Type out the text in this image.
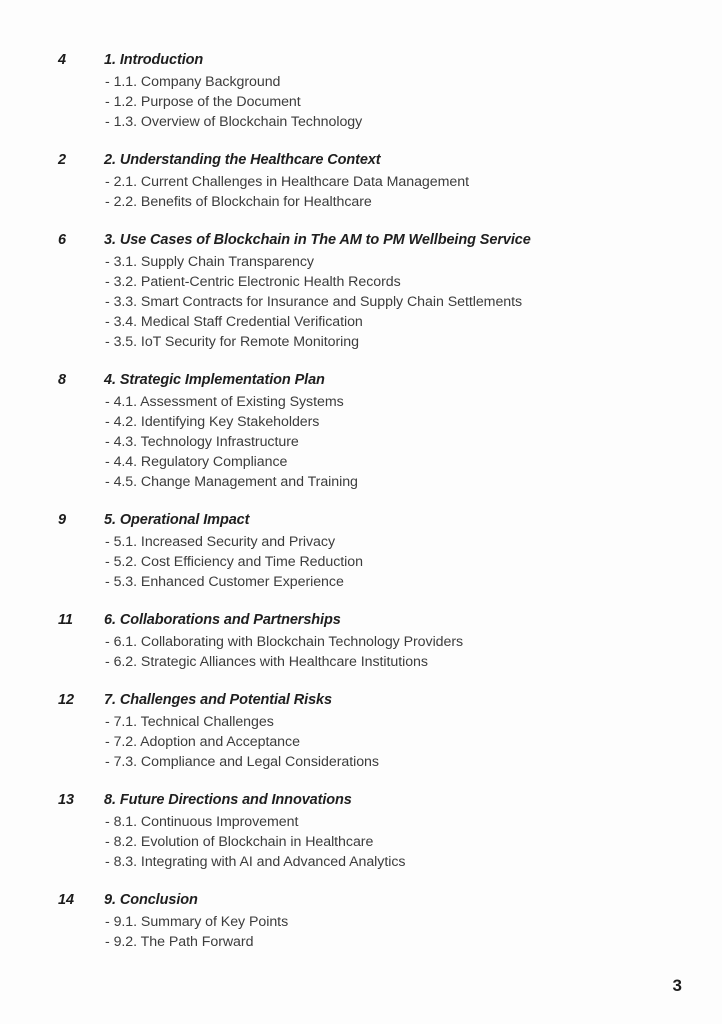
4	1. Introduction
- 1.1. Company Background
- 1.2. Purpose of the Document
- 1.3. Overview of Blockchain Technology
2	2. Understanding the Healthcare Context
- 2.1. Current Challenges in Healthcare Data Management
- 2.2. Benefits of Blockchain for Healthcare
6	3. Use Cases of Blockchain in The AM to PM Wellbeing Service
- 3.1. Supply Chain Transparency
- 3.2. Patient-Centric Electronic Health Records
- 3.3. Smart Contracts for Insurance and Supply Chain Settlements
- 3.4. Medical Staff Credential Verification
- 3.5. IoT Security for Remote Monitoring
8	4. Strategic Implementation Plan
- 4.1. Assessment of Existing Systems
- 4.2. Identifying Key Stakeholders
- 4.3. Technology Infrastructure
- 4.4. Regulatory Compliance
- 4.5. Change Management and Training
9	5. Operational Impact
- 5.1. Increased Security and Privacy
- 5.2. Cost Efficiency and Time Reduction
- 5.3. Enhanced Customer Experience
11	6. Collaborations and Partnerships
- 6.1. Collaborating with Blockchain Technology Providers
- 6.2. Strategic Alliances with Healthcare Institutions
12	7. Challenges and Potential Risks
- 7.1. Technical Challenges
- 7.2. Adoption and Acceptance
- 7.3. Compliance and Legal Considerations
13	8. Future Directions and Innovations
- 8.1. Continuous Improvement
- 8.2. Evolution of Blockchain in Healthcare
- 8.3. Integrating with AI and Advanced Analytics
14	9. Conclusion
- 9.1. Summary of Key Points
- 9.2. The Path Forward
3
